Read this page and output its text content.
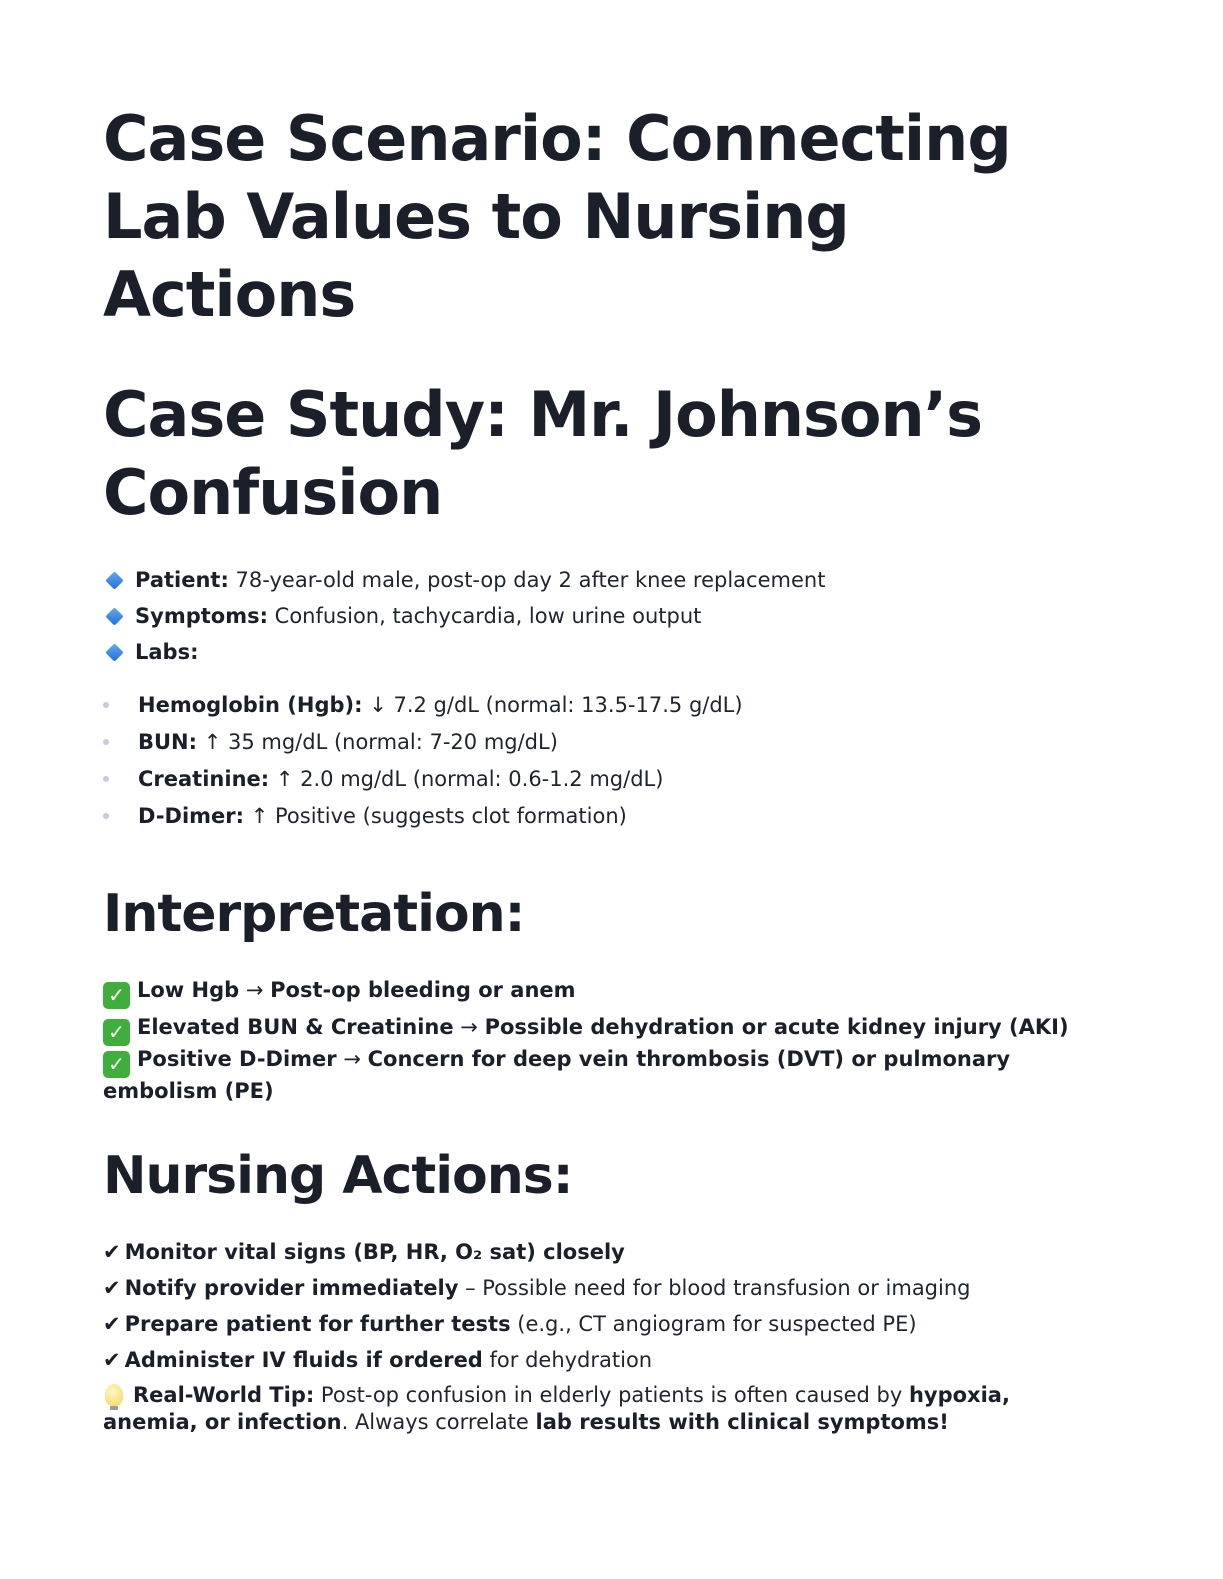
Case Scenario: Connecting Lab Values to Nursing Actions
Case Study: Mr. Johnson’s Confusion
Patient: 78-year-old male, post-op day 2 after knee replacement
Symptoms: Confusion, tachycardia, low urine output
Labs:
Hemoglobin (Hgb): ↓ 7.2 g/dL (normal: 13.5-17.5 g/dL)
BUN: ↑ 35 mg/dL (normal: 7-20 mg/dL)
Creatinine: ↑ 2.0 mg/dL (normal: 0.6-1.2 mg/dL)
D-Dimer: ↑ Positive (suggests clot formation)
Interpretation:
✓ Low Hgb → Post-op bleeding or anem
✓ Elevated BUN & Creatinine → Possible dehydration or acute kidney injury (AKI)
✓ Positive D-Dimer → Concern for deep vein thrombosis (DVT) or pulmonary embolism (PE)
Nursing Actions:
✔ Monitor vital signs (BP, HR, O₂ sat) closely
✔ Notify provider immediately – Possible need for blood transfusion or imaging
✔ Prepare patient for further tests (e.g., CT angiogram for suspected PE)
✔ Administer IV fluids if ordered for dehydration
Real-World Tip: Post-op confusion in elderly patients is often caused by hypoxia, anemia, or infection. Always correlate lab results with clinical symptoms!
